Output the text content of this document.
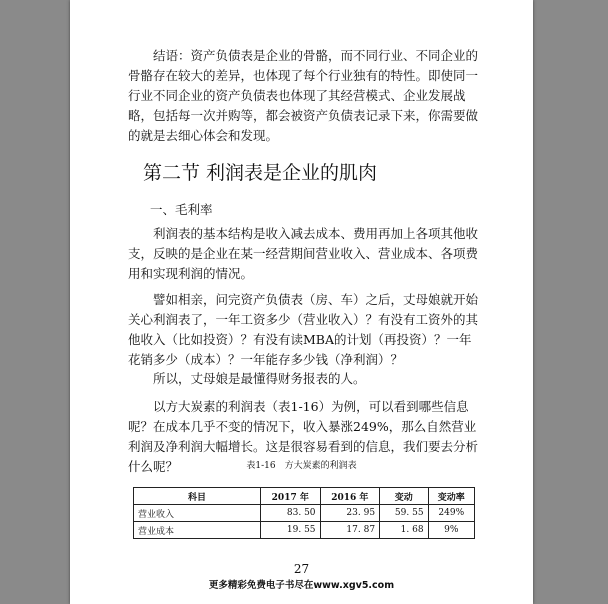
结语：资产负债表是企业的骨骼，而不同行业、不同企业的骨骼存在较大的差异，也体现了每个行业独有的特性。即使同一行业不同企业的资产负债表也体现了其经营模式、企业发展战略，包括每一次并购等，都会被资产负债表记录下来，你需要做的就是去细心体会和发现。

第二节 利润表是企业的肌肉
一、毛利率

利润表的基本结构是收入减去成本、费用再加上各项其他收支，反映的是企业在某一经营期间营业收入、营业成本、各项费用和实现利润的情况。

譬如相亲，问完资产负债表（房、车）之后，丈母娘就开始关心利润表了，一年工资多少（营业收入）？有没有工资外的其他收入（比如投资）？有没有读MBA的计划（再投资）？一年花销多少（成本）？一年能存多少钱（净利润）？

所以，丈母娘是最懂得财务报表的人。

以方大炭素的利润表（表1-16）为例，可以看到哪些信息呢？在成本几乎不变的情况下，收入暴涨249%，那么自然营业利润及净利润大幅增长。这是很容易看到的信息，我们要去分析什么呢？	表1-16　方大炭素的利润表
科目	2017 年	2016 年	变动	变动率
营业收入	83. 50	23. 95	59. 55	249%
营业成本	19. 55	17. 87	1. 68	9%
27
更多精彩免费电子书尽在www.xgv5.com
